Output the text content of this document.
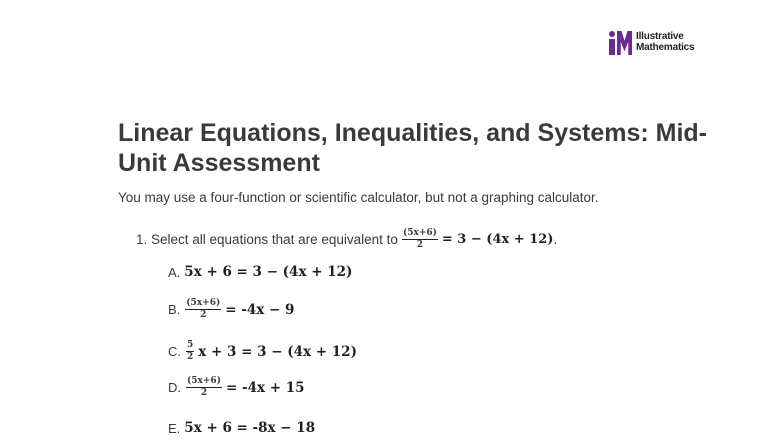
Illustrative
Mathematics
Linear Equations, Inequalities, and Systems: Mid-Unit Assessment

You may use a four-function or scientific calculator, but not a graphing calculator.

1. Select all equations that are equivalent to $\frac{(5x+6)}{2} = 3 - (4x + 12)$ .
A. 5x + 6 = 3 − (4x + 12)
B. $\frac{(5x+6)}{2} = -4x - 9$
C. $\frac{5}{2}$ x + 3 = 3 − (4x + 12)
D. $\frac{(5x+6)}{2} = -4x + 15$
E. 5x + 6 = -8x − 18
